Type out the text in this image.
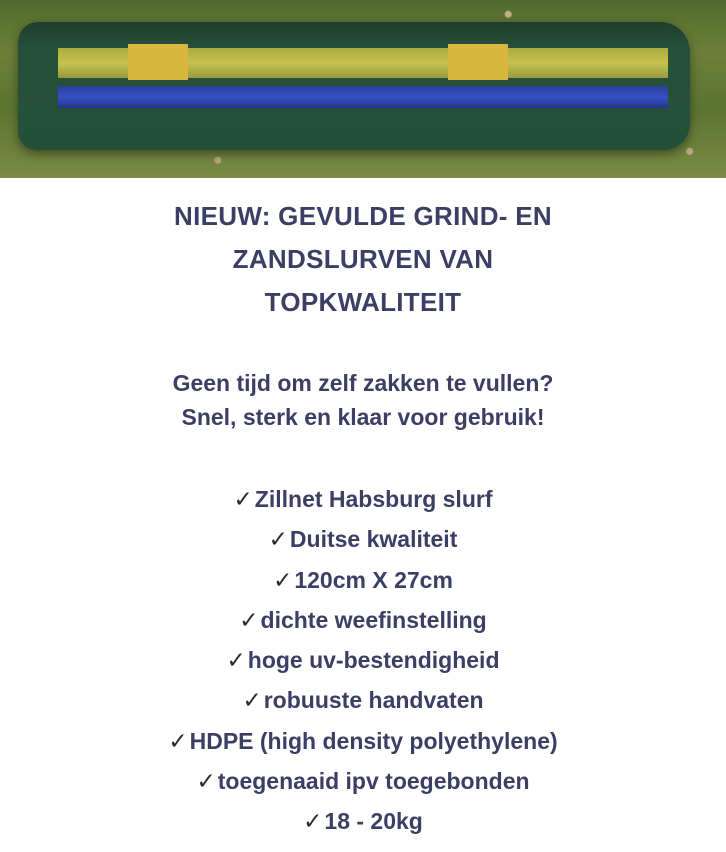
NIEUW: GEVULDE GRIND- EN
ZANDSLURVEN VAN
TOPKWALITEIT
Geen tijd om zelf zakken te vullen?
Snel, sterk en klaar voor gebruik!
✓Zillnet Habsburg slurf
✓Duitse kwaliteit
✓120cm X 27cm
✓dichte weefinstelling
✓hoge uv-bestendigheid
✓robuuste handvaten
✓HDPE (high density polyethylene)
✓toegenaaid ipv toegebonden
✓18 - 20kg
